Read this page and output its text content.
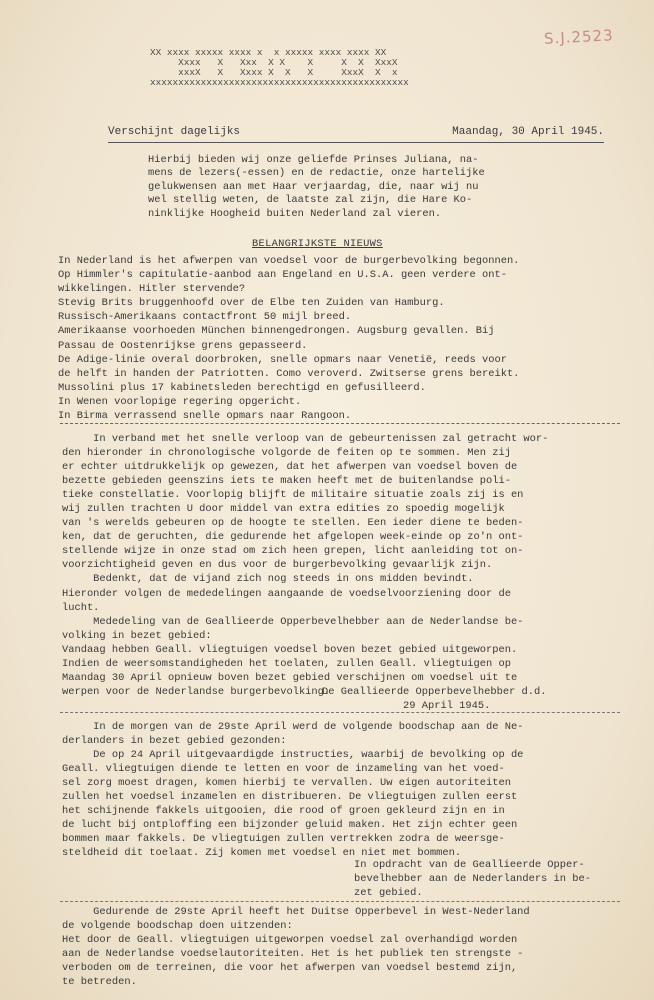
S.J.2523
XX xxxx xxxxx xxxx x  x xxxxx xxxx xxxx XX
Xxxx   X   Xxx  X X    X     X  X  XxxX
xxxX   X   Xxxx X  X   X     XxxX  X  x
xxxxxxxxxxxxxxxxxxxxxxxxxxxxxxxxxxxxxxxxxxxxxx
Verschijnt dagelijks	Maandag, 30 April 1945.
Hierbij bieden wij onze geliefde Prinses Juliana, na-
mens de lezers(-essen) en de redactie, onze hartelijke
gelukwensen aan met Haar verjaardag, die, naar wij nu
wel stellig weten, de laatste zal zijn, die Hare Ko-
ninklijke Hoogheid buiten Nederland zal vieren.
BELANGRIJKSTE NIEUWS
In Nederland is het afwerpen van voedsel voor de burgerbevolking begonnen.
Op Himmler's capitulatie-aanbod aan Engeland en U.S.A. geen verdere ont-
wikkelingen. Hitler stervende?
Stevig Brits bruggenhoofd over de Elbe ten Zuiden van Hamburg.
Russisch-Amerikaans contactfront 50 mijl breed.
Amerikaanse voorhoeden München binnengedrongen. Augsburg gevallen. Bij
Passau de Oostenrijkse grens gepasseerd.
De Adige-linie overal doorbroken, snelle opmars naar Venetië, reeds voor
de helft in handen der Patriotten. Como veroverd. Zwitserse grens bereikt.
Mussolini plus 17 kabinetsleden berechtigd en gefusilleerd.
In Wenen voorlopige regering opgericht.
In Birma verrassend snelle opmars naar Rangoon.
In verband met het snelle verloop van de gebeurtenissen zal getracht wor-
den hieronder in chronologische volgorde de feiten op te sommen. Men zij
er echter uitdrukkelijk op gewezen, dat het afwerpen van voedsel boven de
bezette gebieden geenszins iets te maken heeft met de buitenlandse poli-
tieke constellatie. Voorlopig blijft de militaire situatie zoals zij is en
wij zullen trachten U door middel van extra edities zo spoedig mogelijk
van 's werelds gebeuren op de hoogte te stellen. Een ieder diene te beden-
ken, dat de geruchten, die gedurende het afgelopen week-einde op zo'n ont-
stellende wijze in onze stad om zich heen grepen, licht aanleiding tot on-
voorzichtigheid geven en dus voor de burgerbevolking gevaarlijk zijn.
Bedenkt, dat de vijand zich nog steeds in ons midden bevindt.
Hieronder volgen de mededelingen aangaande de voedselvoorziening door de
lucht.
Mededeling van de Geallieerde Opperbevelhebber aan de Nederlandse be-
volking in bezet gebied:
Vandaag hebben Geall. vliegtuigen voedsel boven bezet gebied uitgeworpen.
Indien de weersomstandigheden het toelaten, zullen Geall. vliegtuigen op
Maandag 30 April opnieuw boven bezet gebied verschijnen om voedsel uit te
werpen voor de Nederlandse burgerbevolking.
De Geallieerde Opperbevelhebber d.d.
29 April 1945.
In de morgen van de 29ste April werd de volgende boodschap aan de Ne-
derlanders in bezet gebied gezonden:
De op 24 April uitgevaardigde instructies, waarbij de bevolking op de
Geall. vliegtuigen diende te letten en voor de inzameling van het voed-
sel zorg moest dragen, komen hierbij te vervallen. Uw eigen autoriteiten
zullen het voedsel inzamelen en distribueren. De vliegtuigen zullen eerst
het schijnende fakkels uitgooien, die rood of groen gekleurd zijn en in
de lucht bij ontploffing een bijzonder geluid maken. Het zijn echter geen
bommen maar fakkels. De vliegtuigen zullen vertrekken zodra de weersge-
steldheid dit toelaat. Zij komen met voedsel en niet met bommen.
In opdracht van de Geallieerde Opper-
bevelhebber aan de Nederlanders in be-
zet gebied.
Gedurende de 29ste April heeft het Duitse Opperbevel in West-Nederland
de volgende boodschap doen uitzenden:
Het door de Geall. vliegtuigen uitgeworpen voedsel zal overhandigd worden
aan de Nederlandse voedselautoriteiten. Het is het publiek ten strengste -
verboden om de terreinen, die voor het afwerpen van voedsel bestemd zijn,
te betreden.
